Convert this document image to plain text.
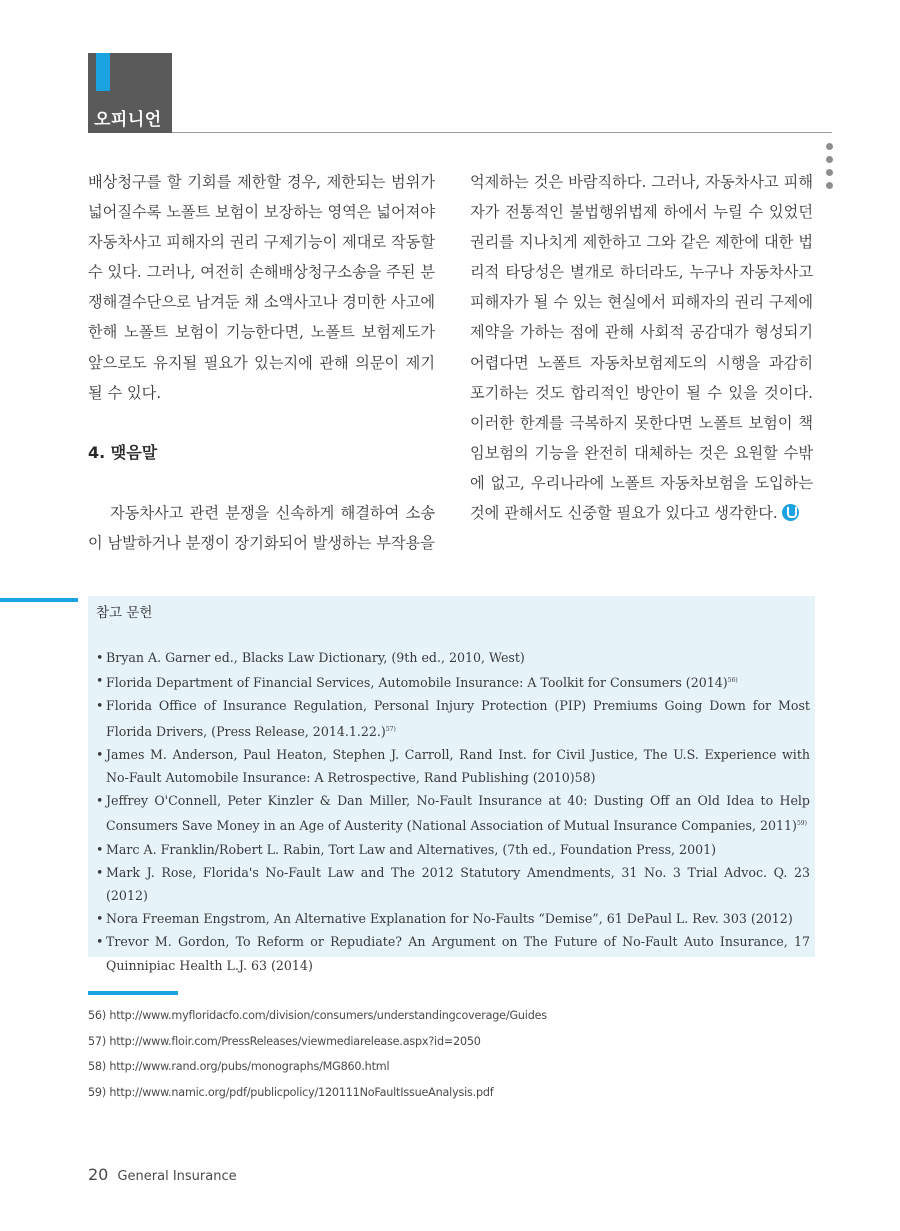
오피니언

배상청구를 할 기회를 제한할 경우, 제한되는 범위가 넓어질수록 노폴트 보험이 보장하는 영역은 넓어져야 자동차사고 피해자의 권리 구제기능이 제대로 작동할 수 있다. 그러나, 여전히 손해배상청구소송을 주된 분쟁해결수단으로 남겨둔 채 소액사고나 경미한 사고에 한해 노폴트 보험이 기능한다면, 노폴트 보험제도가 앞으로도 유지될 필요가 있는지에 관해 의문이 제기될 수 있다.

4. 맺음말

자동차사고 관련 분쟁을 신속하게 해결하여 소송이 남발하거나 분쟁이 장기화되어 발생하는 부작용을

억제하는 것은 바람직하다. 그러나, 자동차사고 피해자가 전통적인 불법행위법제 하에서 누릴 수 있었던 권리를 지나치게 제한하고 그와 같은 제한에 대한 법리적 타당성은 별개로 하더라도, 누구나 자동차사고 피해자가 될 수 있는 현실에서 피해자의 권리 구제에 제약을 가하는 점에 관해 사회적 공감대가 형성되기 어렵다면 노폴트 자동차보험제도의 시행을 과감히 포기하는 것도 합리적인 방안이 될 수 있을 것이다. 이러한 한계를 극복하지 못한다면 노폴트 보험이 책임보험의 기능을 완전히 대체하는 것은 요원할 수밖에 없고, 우리나라에 노폴트 자동차보험을 도입하는 것에 관해서도 신중할 필요가 있다고 생각한다.

참고 문헌
• Bryan A. Garner ed., Blacks Law Dictionary, (9th ed., 2010, West)
• Florida Department of Financial Services, Automobile Insurance: A Toolkit for Consumers $(2014)^{56)}$
• Florida Office of Insurance Regulation, Personal Injury Protection (PIP) Premiums Going Down for Most Florida Drivers, (Press Release, 2014.1.22.)$^{57)}$
• James M. Anderson, Paul Heaton, Stephen J. Carroll, Rand Inst. for Civil Justice, The U.S. Experience with No-Fault Automobile Insurance: A Retrospective, Rand Publishing (2010)58)
• Jeffrey O'Connell, Peter Kinzler & Dan Miller, No-Fault Insurance at 40: Dusting Off an Old Idea to Help Consumers Save Money in an Age of Austerity (National Association of Mutual Insurance Companies, 2011)$^{59)}$
• Marc A. Franklin/Robert L. Rabin, Tort Law and Alternatives, (7th ed., Foundation Press, 2001)
• Mark J. Rose, Florida's No-Fault Law and The 2012 Statutory Amendments, 31 No. 3 Trial Advoc. Q. 23 (2012)
• Nora Freeman Engstrom, An Alternative Explanation for No-Faults “Demise”, 61 DePaul L. Rev. 303 (2012)
• Trevor M. Gordon, To Reform or Repudiate? An Argument on The Future of No-Fault Auto Insurance, 17 Quinnipiac Health L.J. 63 (2014)
56) http://www.myfloridacfo.com/division/consumers/understandingcoverage/Guides
57) http://www.floir.com/PressReleases/viewmediarelease.aspx?id=2050
58) http://www.rand.org/pubs/monographs/MG860.html
59) http://www.namic.org/pdf/publicpolicy/120111NoFaultIssueAnalysis.pdf
20 General Insurance
